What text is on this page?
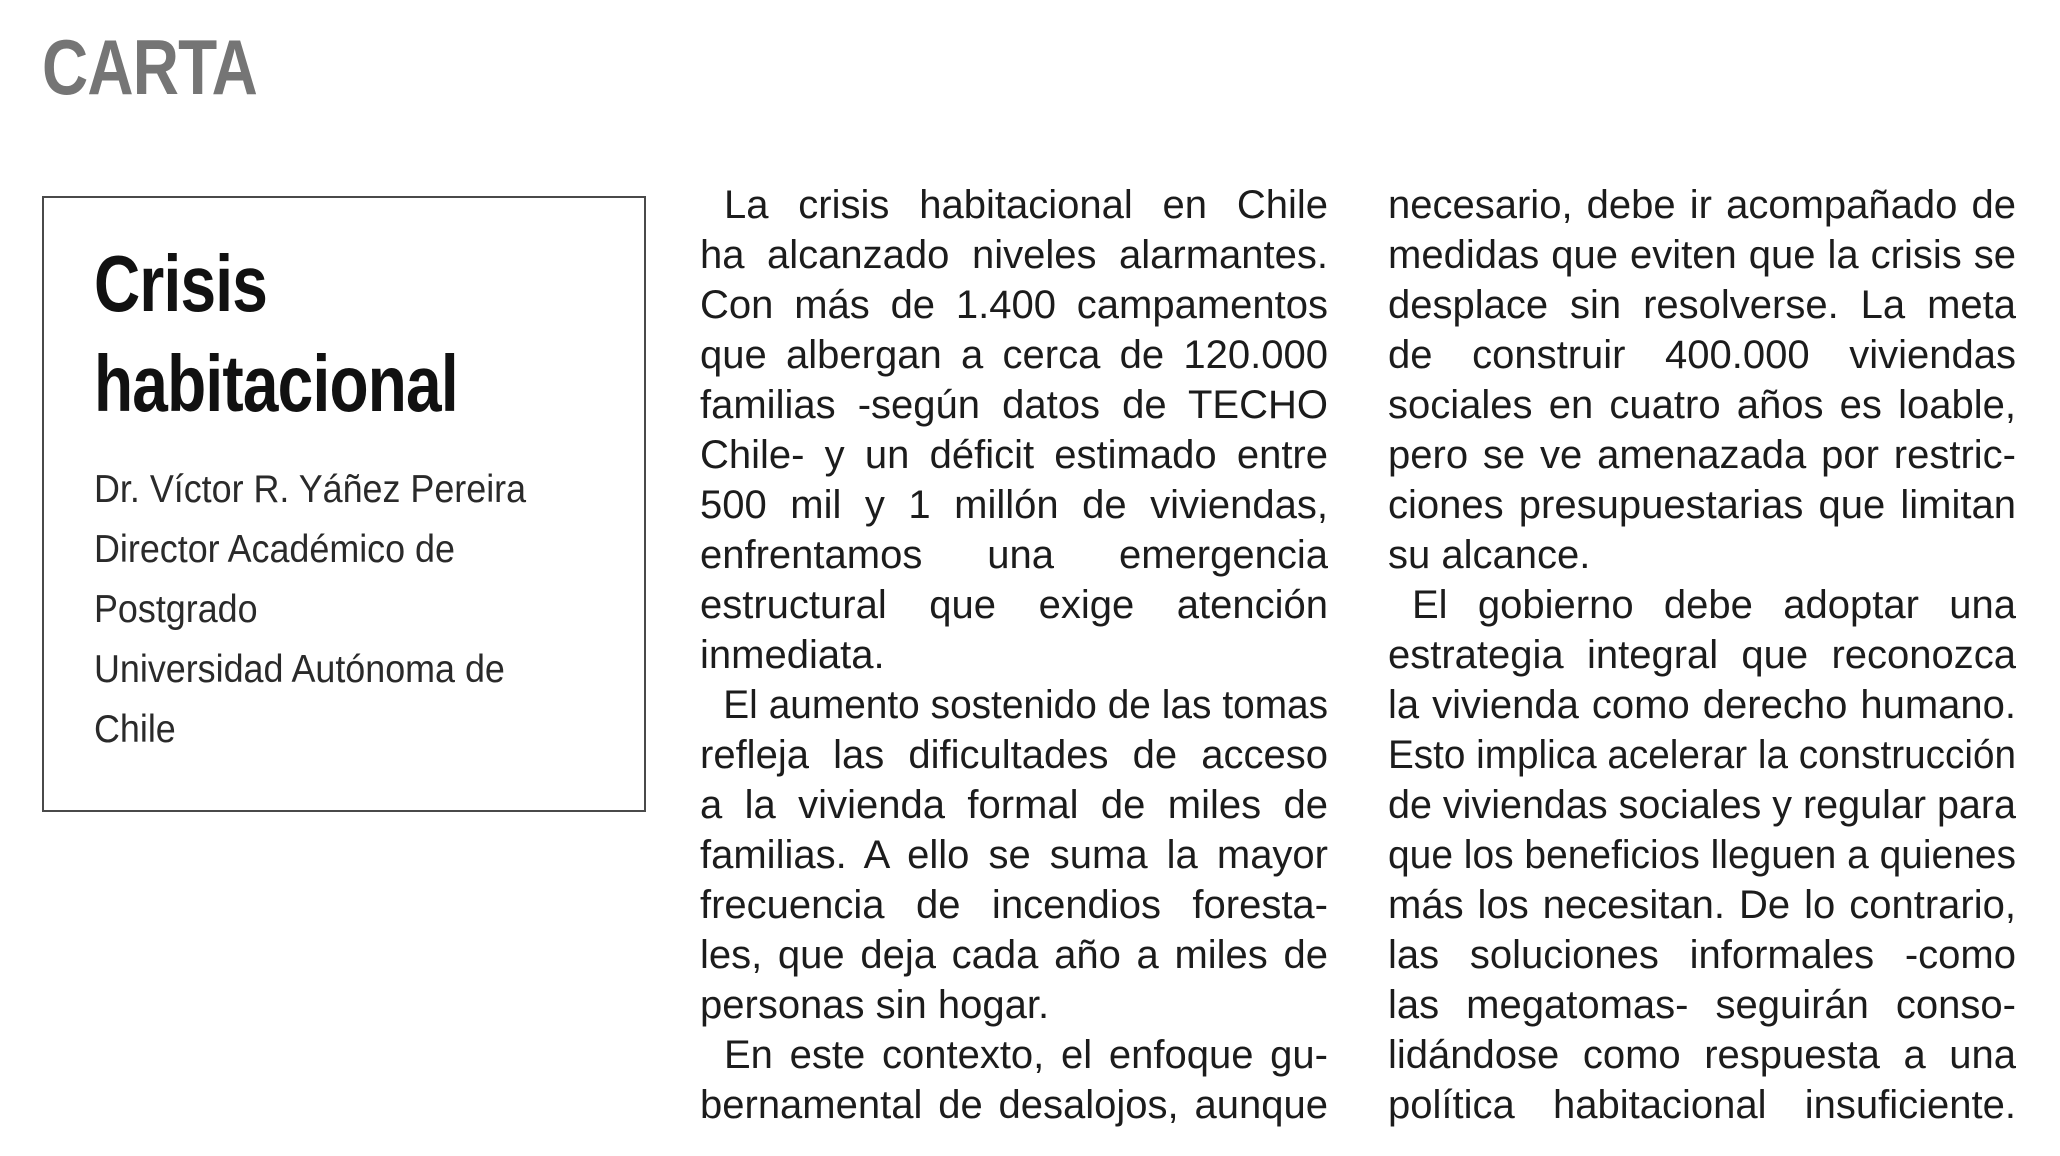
CARTA
Crisis
habitacional
Dr. Víctor R. Yáñez Pereira
Director Académico de
Postgrado
Universidad Autónoma de
Chile
La crisis habitacional en Chile
ha alcanzado niveles alarmantes.
Con más de 1.400 campamentos
que albergan a cerca de 120.000
familias -según datos de TECHO
Chile- y un déficit estimado entre
500 mil y 1 millón de viviendas,
enfrentamos una emergencia
estructural que exige atención
inmediata.
El aumento sostenido de las tomas
refleja las dificultades de acceso
a la vivienda formal de miles de
familias. A ello se suma la mayor
frecuencia de incendios foresta-
les, que deja cada año a miles de
personas sin hogar.
En este contexto, el enfoque gu-
bernamental de desalojos, aunque
necesario, debe ir acompañado de
medidas que eviten que la crisis se
desplace sin resolverse. La meta
de construir 400.000 viviendas
sociales en cuatro años es loable,
pero se ve amenazada por restric-
ciones presupuestarias que limitan
su alcance.
El gobierno debe adoptar una
estrategia integral que reconozca
la vivienda como derecho humano.
Esto implica acelerar la construcción
de viviendas sociales y regular para
que los beneficios lleguen a quienes
más los necesitan. De lo contrario,
las soluciones informales -como
las megatomas- seguirán conso-
lidándose como respuesta a una
política habitacional insuficiente.
